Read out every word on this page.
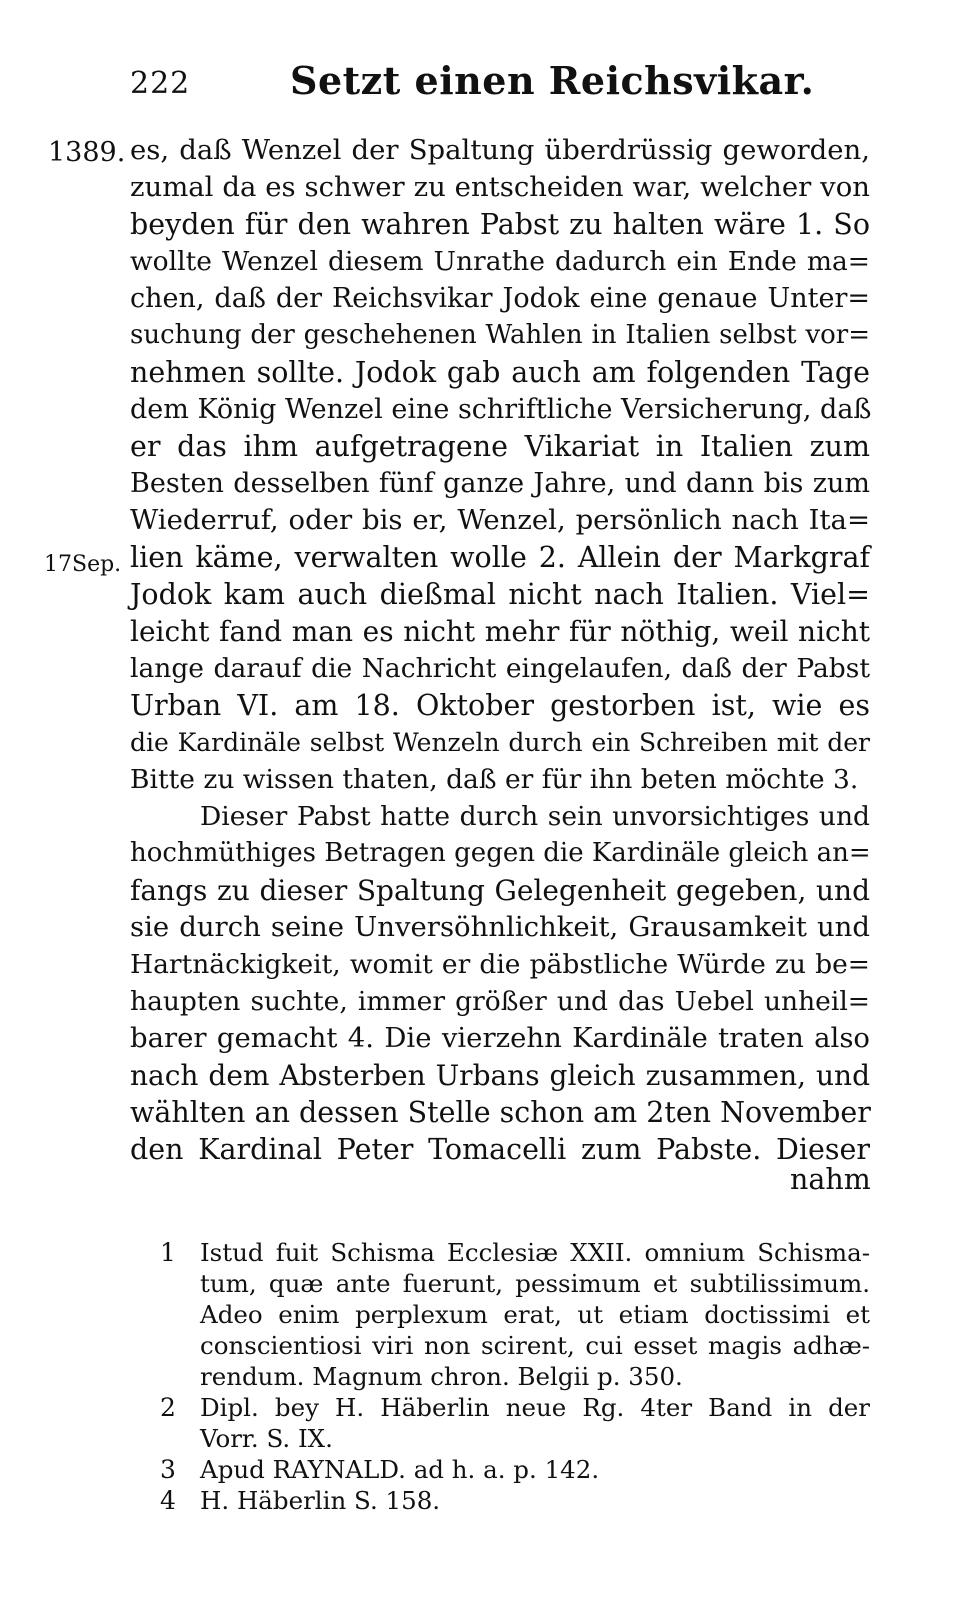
222	Setzt einen Reichsvikar.
1389.
17Sep.
es, daß Wenzel der Spaltung überdrüssig geworden,
zumal da es schwer zu entscheiden war, welcher von
beyden für den wahren Pabst zu halten wäre 1. So
wollte Wenzel diesem Unrathe dadurch ein Ende ma=
chen, daß der Reichsvikar Jodok eine genaue Unter=
suchung der geschehenen Wahlen in Italien selbst vor=
nehmen sollte. Jodok gab auch am folgenden Tage
dem König Wenzel eine schriftliche Versicherung, daß
er das ihm aufgetragene Vikariat in Italien zum
Besten desselben fünf ganze Jahre, und dann bis zum
Wiederruf, oder bis er, Wenzel, persönlich nach Ita=
lien käme, verwalten wolle 2. Allein der Markgraf
Jodok kam auch dießmal nicht nach Italien. Viel=
leicht fand man es nicht mehr für nöthig, weil nicht
lange darauf die Nachricht eingelaufen, daß der Pabst
Urban VI. am 18. Oktober gestorben ist, wie es
die Kardinäle selbst Wenzeln durch ein Schreiben mit der
Bitte zu wissen thaten, daß er für ihn beten möchte 3.
Dieser Pabst hatte durch sein unvorsichtiges und
hochmüthiges Betragen gegen die Kardinäle gleich an=
fangs zu dieser Spaltung Gelegenheit gegeben, und
sie durch seine Unversöhnlichkeit, Grausamkeit und
Hartnäckigkeit, womit er die päbstliche Würde zu be=
haupten suchte, immer größer und das Uebel unheil=
barer gemacht 4. Die vierzehn Kardinäle traten also
nach dem Absterben Urbans gleich zusammen, und
wählten an dessen Stelle schon am 2ten November
den Kardinal Peter Tomacelli zum Pabste. Dieser
nahm
1 Istud fuit Schisma Ecclesiæ XXII. omnium Schisma-
tum, quæ ante fuerunt, pessimum et subtilissimum.
Adeo enim perplexum erat, ut etiam doctissimi et
conscientiosi viri non scirent, cui esset magis adhæ-
rendum. Magnum chron. Belgii p. 350.
2 Dipl. bey H. Häberlin neue Rg. 4ter Band in der
Vorr. S. IX.
3 Apud RAYNALD. ad h. a. p. 142.
4 H. Häberlin S. 158.
